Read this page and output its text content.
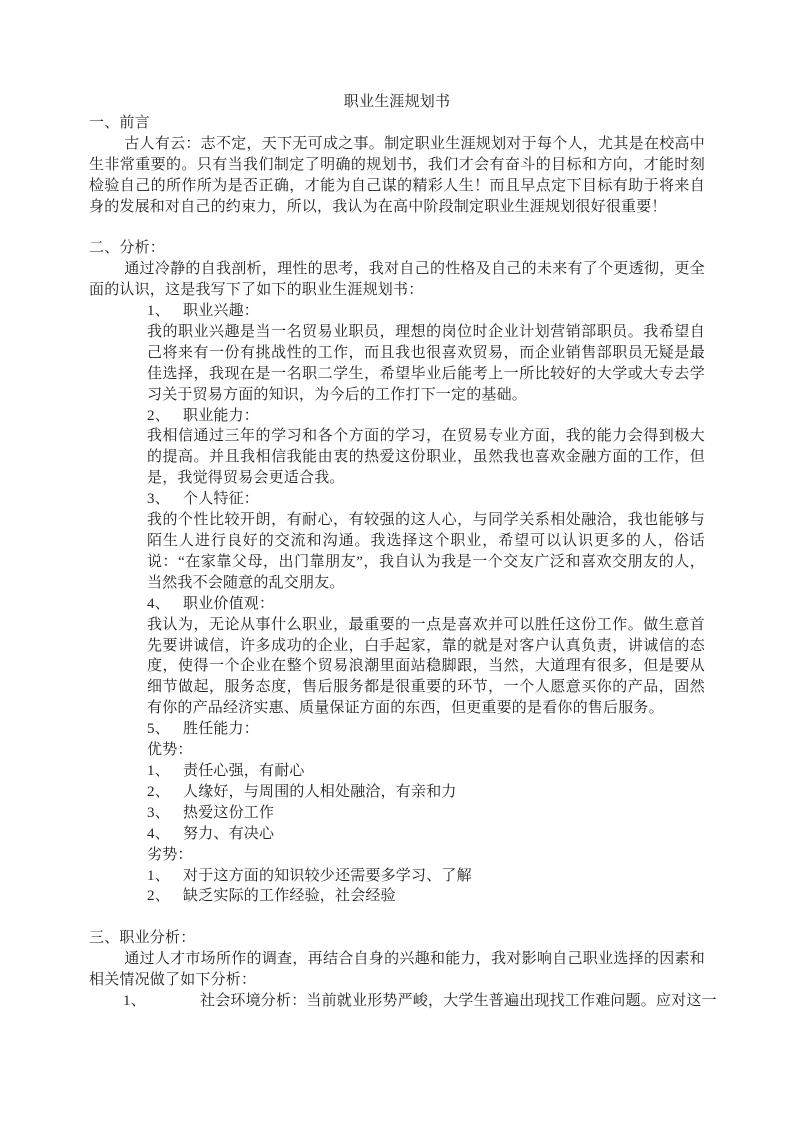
职业生涯规划书
一、前言
古人有云：志不定，天下无可成之事。制定职业生涯规划对于每个人，尤其是在校高中生非常重要的。只有当我们制定了明确的规划书，我们才会有奋斗的目标和方向，才能时刻检验自己的所作所为是否正确，才能为自己谋的精彩人生！而且早点定下目标有助于将来自身的发展和对自己的约束力，所以，我认为在高中阶段制定职业生涯规划很好很重要！
二、分析：
通过冷静的自我剖析，理性的思考，我对自己的性格及自己的未来有了个更透彻，更全面的认识，这是我写下了如下的职业生涯规划书：
1、 职业兴趣：
我的职业兴趣是当一名贸易业职员，理想的岗位时企业计划营销部职员。我希望自己将来有一份有挑战性的工作，而且我也很喜欢贸易，而企业销售部职员无疑是最佳选择，我现在是一名职二学生，希望毕业后能考上一所比较好的大学或大专去学习关于贸易方面的知识，为今后的工作打下一定的基础。
2、 职业能力：
我相信通过三年的学习和各个方面的学习，在贸易专业方面，我的能力会得到极大的提高。并且我相信我能由衷的热爱这份职业，虽然我也喜欢金融方面的工作，但是，我觉得贸易会更适合我。
3、 个人特征：
我的个性比较开朗，有耐心，有较强的这人心，与同学关系相处融洽，我也能够与陌生人进行良好的交流和沟通。我选择这个职业，希望可以认识更多的人，俗话说：“在家靠父母，出门靠朋友”，我自认为我是一个交友广泛和喜欢交朋友的人，当然我不会随意的乱交朋友。
4、 职业价值观：
我认为，无论从事什么职业，最重要的一点是喜欢并可以胜任这份工作。做生意首先要讲诚信，许多成功的企业，白手起家，靠的就是对客户认真负责，讲诚信的态度，使得一个企业在整个贸易浪潮里面站稳脚跟，当然，大道理有很多，但是要从细节做起，服务态度，售后服务都是很重要的环节，一个人愿意买你的产品，固然有你的产品经济实惠、质量保证方面的东西，但更重要的是看你的售后服务。
5、 胜任能力：
优势：
1、 责任心强，有耐心
2、 人缘好，与周围的人相处融洽，有亲和力
3、 热爱这份工作
4、 努力、有决心
劣势：
1、 对于这方面的知识较少还需要多学习、了解
2、 缺乏实际的工作经验，社会经验
三、职业分析：
通过人才市场所作的调查，再结合自身的兴趣和能力，我对影响自己职业选择的因素和相关情况做了如下分析：
1、	社会环境分析：当前就业形势严峻，大学生普遍出现找工作难问题。应对这一
